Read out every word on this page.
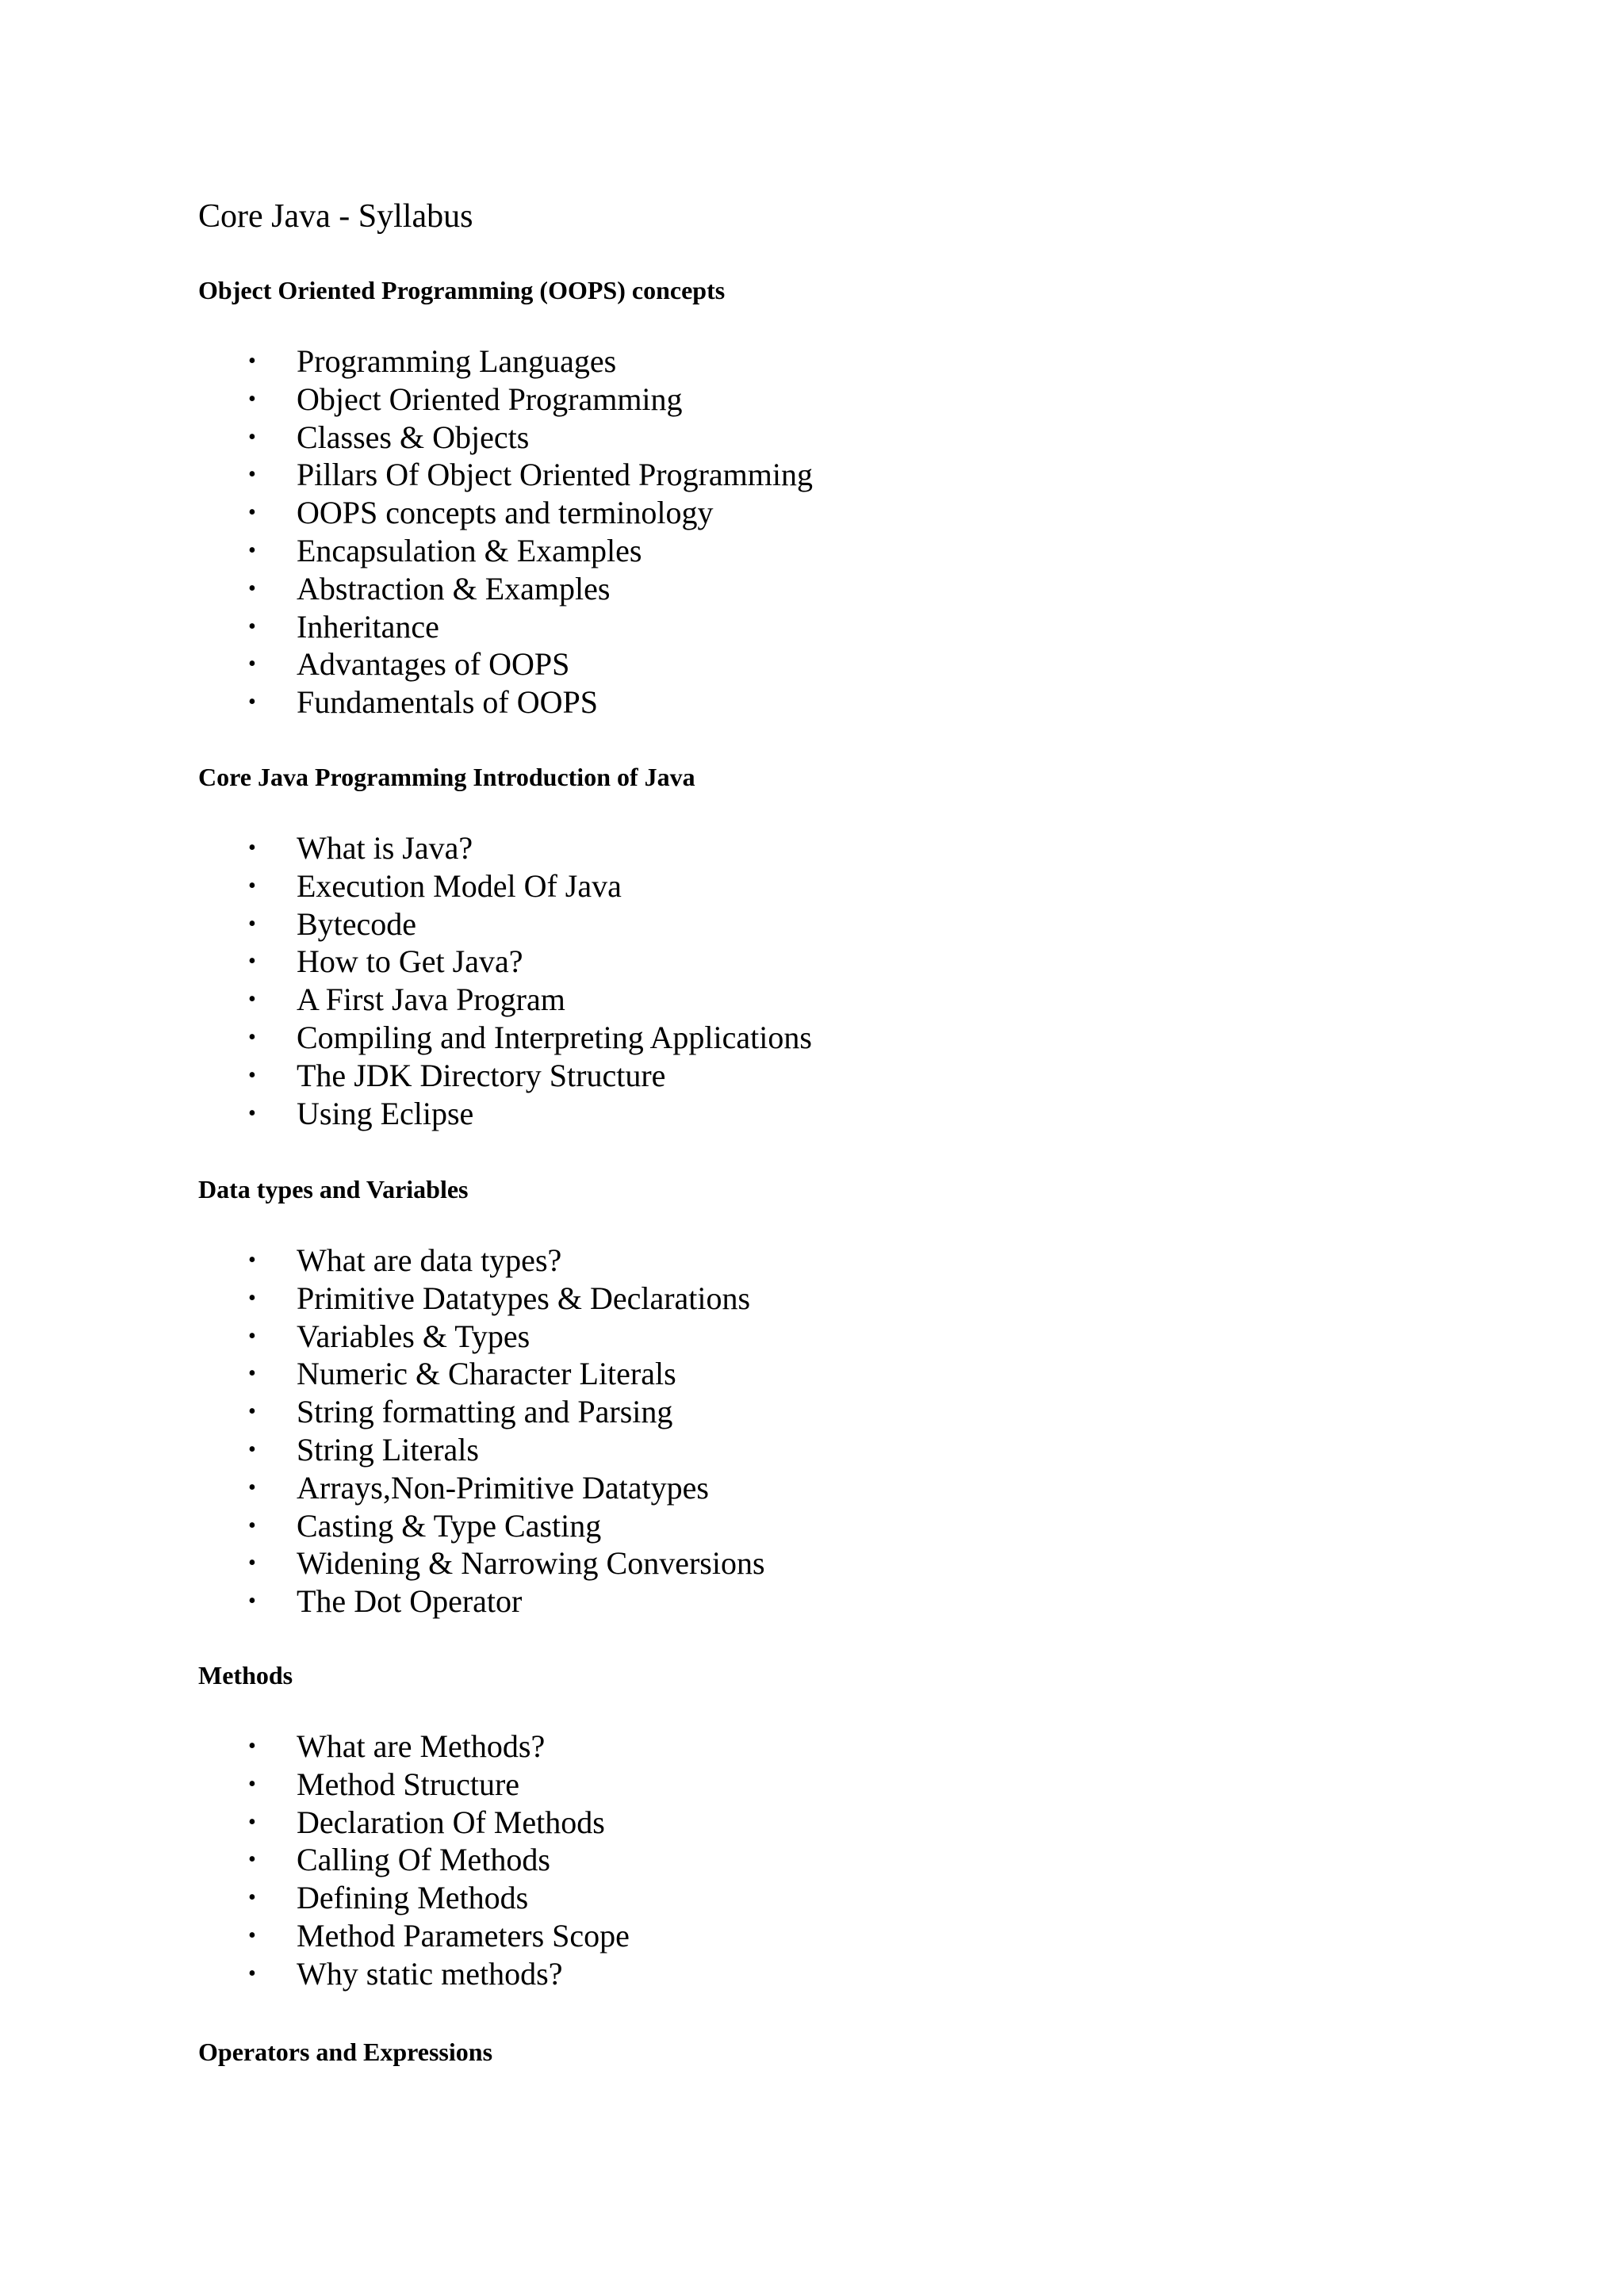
Core Java - Syllabus
Object Oriented Programming (OOPS) concepts
• Programming Languages
• Object Oriented Programming
• Classes & Objects
• Pillars Of Object Oriented Programming
• OOPS concepts and terminology
• Encapsulation & Examples
• Abstraction & Examples
• Inheritance
• Advantages of OOPS
• Fundamentals of OOPS
Core Java Programming Introduction of Java
• What is Java?
• Execution Model Of Java
• Bytecode
• How to Get Java?
• A First Java Program
• Compiling and Interpreting Applications
• The JDK Directory Structure
• Using Eclipse
Data types and Variables
• What are data types?
• Primitive Datatypes & Declarations
• Variables & Types
• Numeric & Character Literals
• String formatting and Parsing
• String Literals
• Arrays,Non-Primitive Datatypes
• Casting & Type Casting
• Widening & Narrowing Conversions
• The Dot Operator
Methods
• What are Methods?
• Method Structure
• Declaration Of Methods
• Calling Of Methods
• Defining Methods
• Method Parameters Scope
• Why static methods?
Operators and Expressions
